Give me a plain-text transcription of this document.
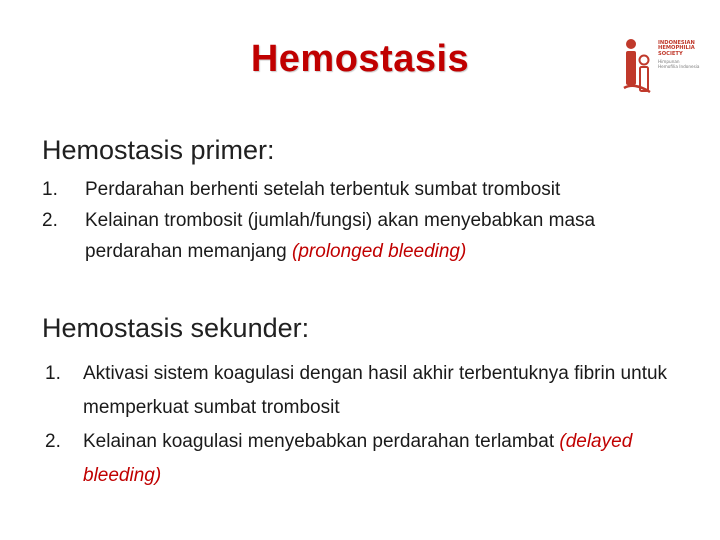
Hemostasis	INDONESIAN
HEMOPHILIA
SOCIETY
Himpunan
Hemofilia Indonesia
Hemostasis primer:
1. Perdarahan berhenti setelah terbentuk sumbat trombosit
2. Kelainan trombosit (jumlah/fungsi) akan menyebabkan masa perdarahan memanjang (prolonged bleeding)
Hemostasis sekunder:
1. Aktivasi sistem koagulasi dengan hasil akhir terbentuknya fibrin untuk memperkuat sumbat trombosit
2. Kelainan koagulasi menyebabkan perdarahan terlambat (delayed bleeding)
